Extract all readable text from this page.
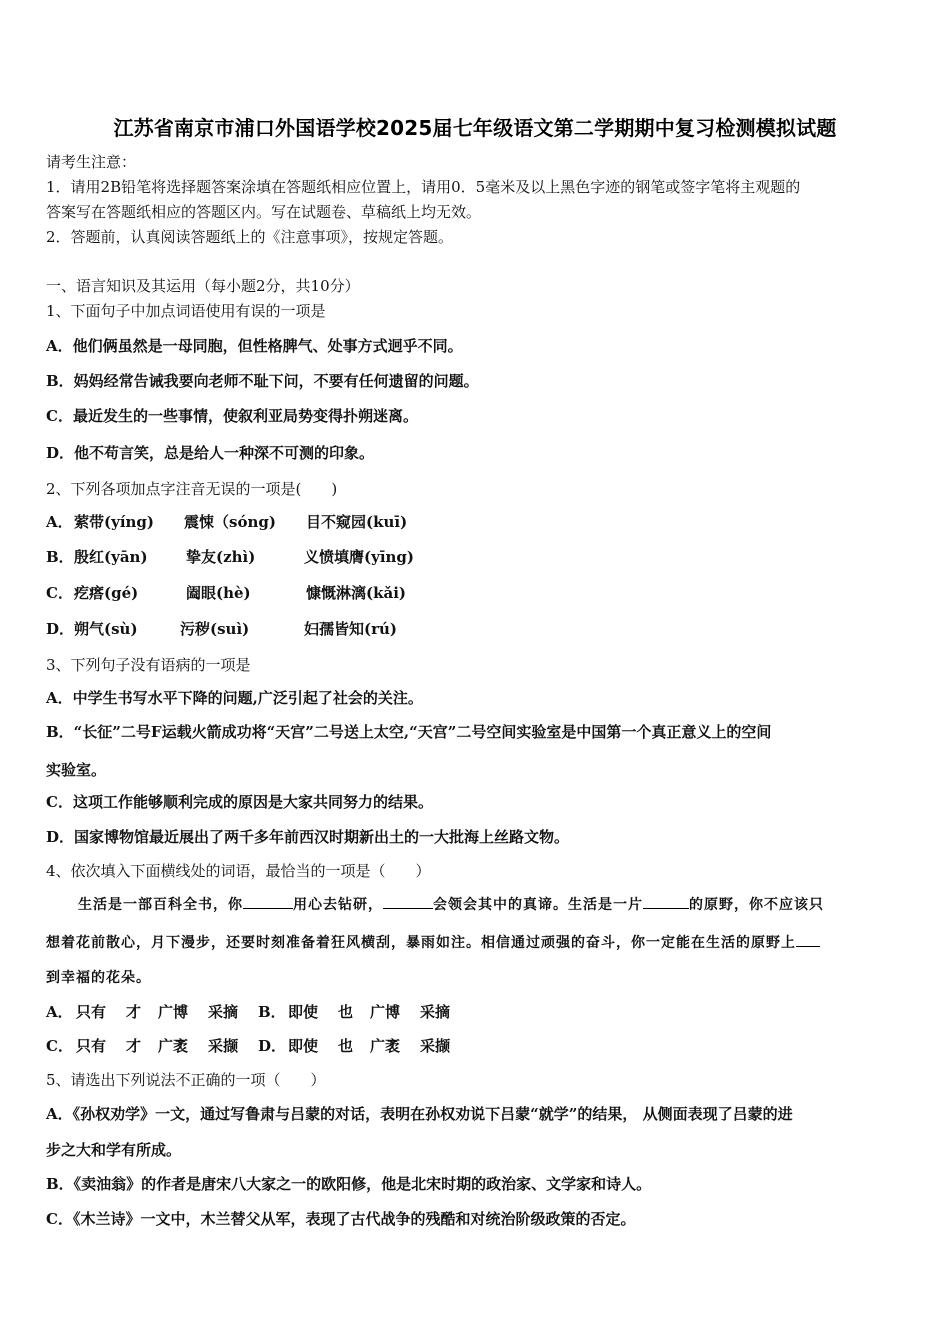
江苏省南京市浦口外国语学校2025届七年级语文第二学期期中复习检测模拟试题
请考生注意：
1．请用2B铅笔将选择题答案涂填在答题纸相应位置上，请用0．5毫米及以上黑色字迹的钢笔或签字笔将主观题的
答案写在答题纸相应的答题区内。写在试题卷、草稿纸上均无效。
2．答题前，认真阅读答题纸上的《注意事项》，按规定答题。
一、语言知识及其运用（每小题2分，共10分）
1、下面句子中加点词语使用有误的一项是
A．他们俩虽然是一母同胞，但性格脾气、处事方式迥乎不同。
B．妈妈经常告诫我要向老师不耻下问，不要有任何遗留的问题。
C．最近发生的一些事情，使叙利亚局势变得扑朔迷离。
D．他不苟言笑，总是给人一种深不可测的印象。
2、下列各项加点字注音无误的一项是(　　)
A． 萦带(yíng) 震悚（sóng) 目不窥园(kuī)
B． 殷红(yān)	挚友(zhì)	义愤填膺(yīng)
C． 疙瘩(gé)	阖眼(hè)	慷慨淋漓(kǎi)
D． 朔气(sù)	污秽(suì)	妇孺皆知(rú)
3、下列句子没有语病的一项是
A．中学生书写水平下降的问题,广泛引起了社会的关注。
B．“长征”二号F运载火箭成功将“天宫”二号送上太空,“天宫”二号空间实验室是中国第一个真正意义上的空间
实验室。
C．这项工作能够顺利完成的原因是大家共同努力的结果。
D．国家博物馆最近展出了两千多年前西汉时期新出土的一大批海上丝路文物。
4、依次填入下面横线处的词语，最恰当的一项是（　　）
生活是一部百科全书，你	用心去钻研，	会领会其中的真谛。生活是一片	的原野，你不应该只
想着花前散心，月下漫步，还要时刻准备着狂风横刮，暴雨如注。相信通过顽强的奋斗，你一定能在生活的原野上
到幸福的花朵。
A． 只有 才 广博 采摘 B． 即使 也 广博 采摘
C． 只有 才 广袤 采撷 D． 即使 也 广袤 采撷
5、请选出下列说法不正确的一项（　　）
A．《孙权劝学》一文，通过写鲁肃与吕蒙的对话，表明在孙权劝说下吕蒙“就学”的结果， 从侧面表现了吕蒙的进
步之大和学有所成。
B．《卖油翁》的作者是唐宋八大家之一的欧阳修，他是北宋时期的政治家、文学家和诗人。
C．《木兰诗》一文中，木兰替父从军，表现了古代战争的残酷和对统治阶级政策的否定。
